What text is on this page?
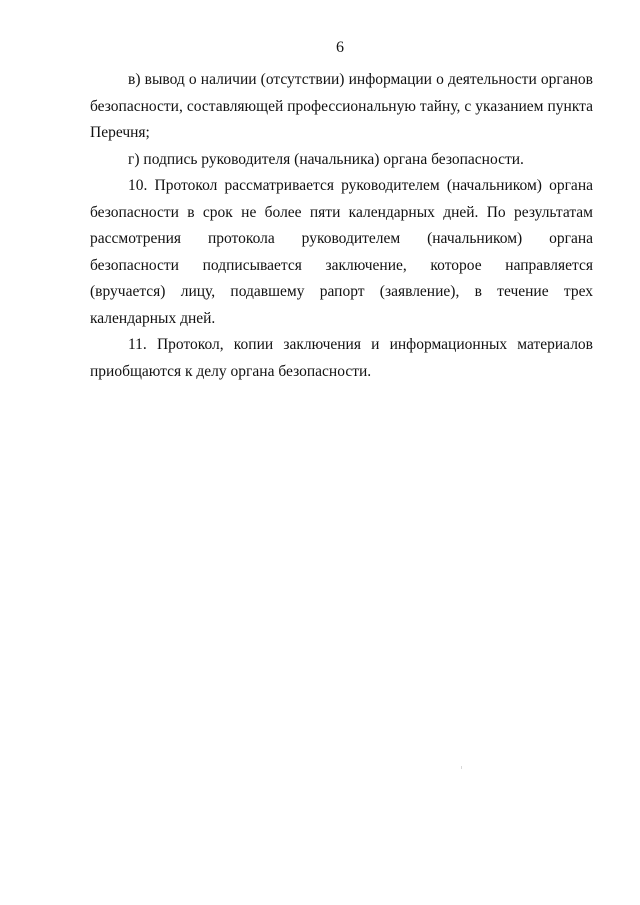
6

в) вывод о наличии (отсутствии) информации о деятельности органов безопасности, составляющей профессиональную тайну, с указанием пункта Перечня;

г) подпись руководителя (начальника) органа безопасности.

10. Протокол рассматривается руководителем (начальником) органа безопасности в срок не более пяти календарных дней. По результатам рассмотрения протокола руководителем (начальником) органа безопасности подписывается заключение, которое направляется (вручается) лицу, подавшему рапорт (заявление), в течение трех календарных дней.

11. Протокол, копии заключения и информационных материалов приобщаются к делу органа безопасности.
